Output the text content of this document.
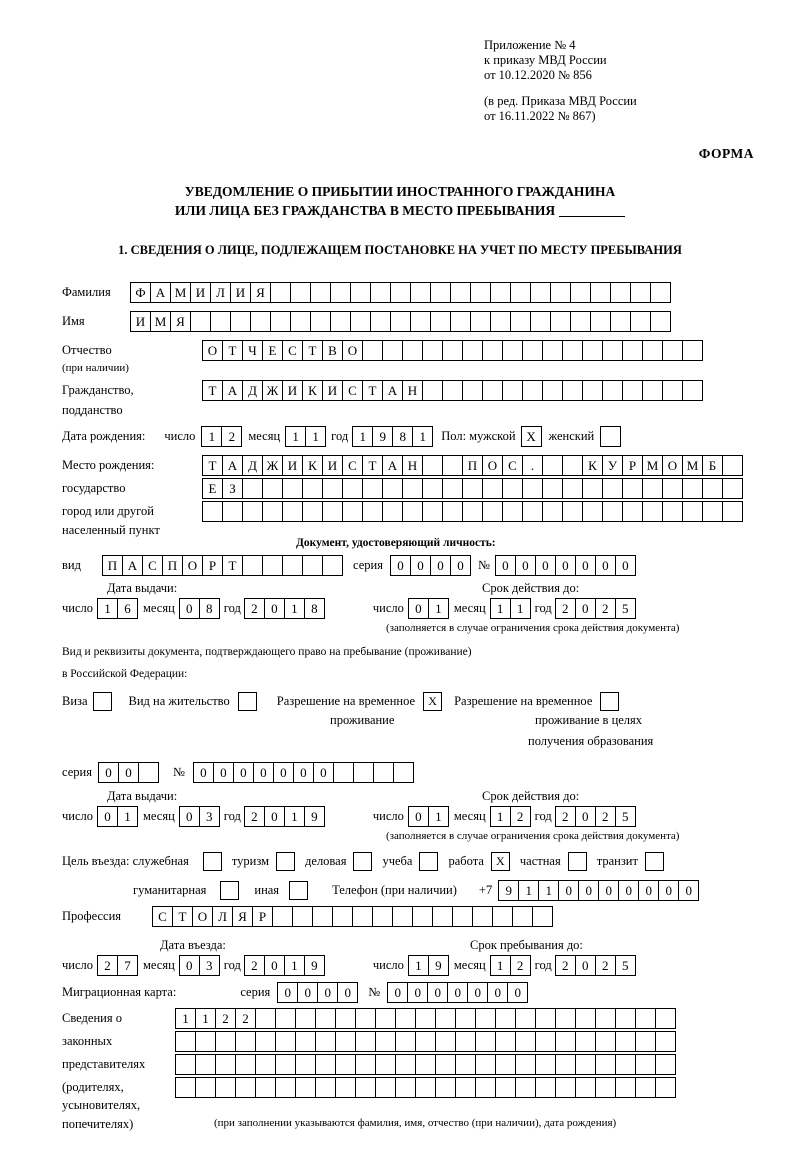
Приложение № 4
к приказу МВД России
от 10.12.2020 № 856
(в ред. Приказа МВД России
от 16.11.2022 № 867)
ФОРМА
УВЕДОМЛЕНИЕ О ПРИБЫТИИ ИНОСТРАННОГО ГРАЖДАНИНА
ИЛИ ЛИЦА БЕЗ ГРАЖДАНСТВА В МЕСТО ПРЕБЫВАНИЯ
1. СВЕДЕНИЯ О ЛИЦЕ, ПОДЛЕЖАЩЕМ ПОСТАНОВКЕ НА УЧЕТ ПО МЕСТУ ПРЕБЫВАНИЯ
Фамилия	Ф А М И Л И Я
Имя	И М Я
Отчество	О Т Ч Е С Т В О
(при наличии)
Гражданство,	Т А Д Ж И К И С Т А Н
подданство
Дата рождения: число	1	2	месяц 1	1 год 1	9	8	1	Пол: мужской X	женский
Место рождения:	Т А Д Ж И К И С Т А Н	П О С	.	К У Р М О М Б
государство	Е З
город или другой
населенный пункт
Документ, удостоверяющий личность:
вид	П А С П О Р Т	серия	0	0	0	0	№ 0	0	0	0	0	0	0
Дата выдачи:	Срок действия до:
число 1	6 месяц 0	8 год 2	0	1	8	число 0	1 месяц 1	1 год 2	0	2	5
(заполняется в случае ограничения срока действия документа)
Вид и реквизиты документа, подтверждающего право на пребывание (проживание)
в Российской Федерации:
Виза	Вид на жительство	Разрешение на временное	X	Разрешение на временное
проживание	проживание в целях
получения образования
серия	0	0	№	0	0	0	0	0	0	0
Дата выдачи:	Срок действия до:
число 0	1 месяц 0	3 год 2	0	1	9	число 0	1 месяц 1	2 год 2	0	2	5
(заполняется в случае ограничения срока действия документа)
Цель въезда: служебная	туризм	деловая	учеба	работа	X	частная	транзит
гуманитарная	иная	Телефон (при наличии) +7	9	1	1	0	0	0	0	0	0	0
Профессия	С Т О Л Я Р
Дата въезда:	Срок пребывания до:
число 2	7 месяц 0	3 год 2	0	1	9	число 1	9 месяц 1	2 год 2	0	2	5
Миграционная карта:	серия	0	0	0	0	№	0	0	0	0	0	0	0
Сведения о	1	1	2	2
законных
представителях
(родителях,
усыновителях,
попечителях)	(при заполнении указываются фамилия, имя, отчество (при наличии), дата рождения)
